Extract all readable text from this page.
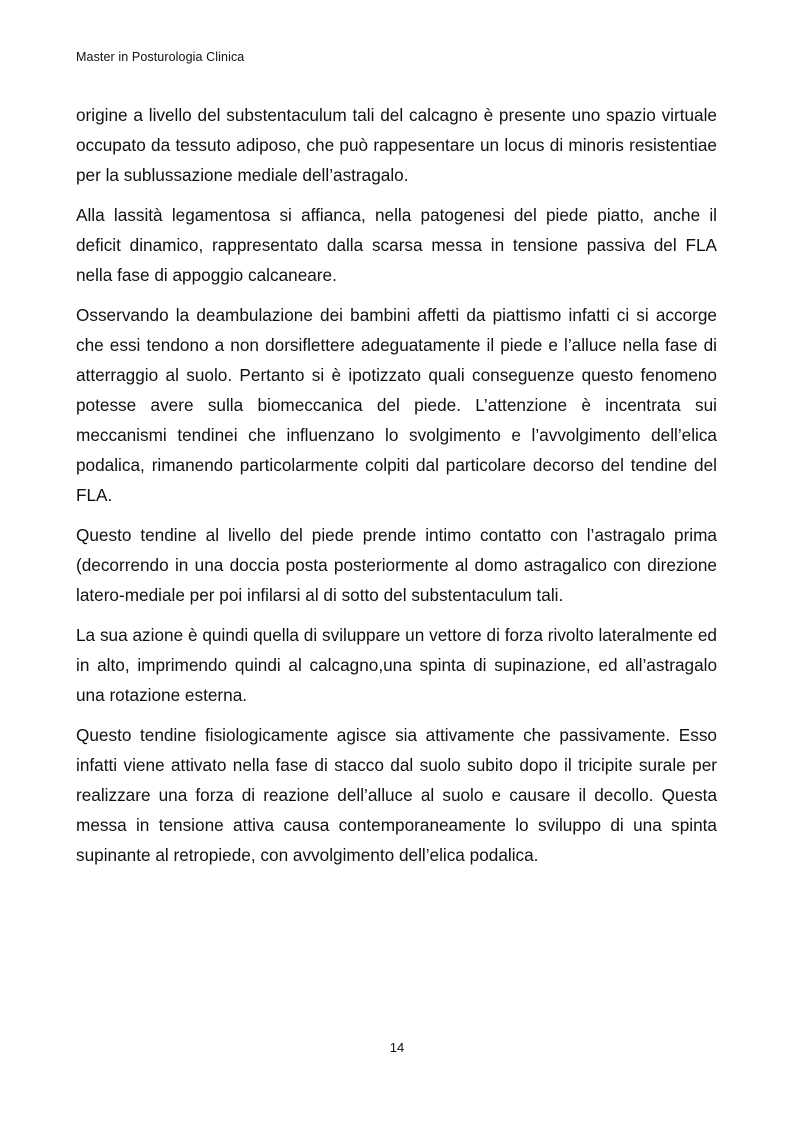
Master in Posturologia Clinica

origine a livello del substentaculum tali del calcagno è presente uno spazio virtuale occupato da tessuto adiposo, che può rappesentare un locus di minoris resistentiae per la sublussazione mediale dell’astragalo.

Alla lassità legamentosa si affianca, nella patogenesi del piede piatto, anche il deficit dinamico, rappresentato dalla scarsa messa in tensione passiva del FLA nella fase di appoggio calcaneare.

Osservando la deambulazione dei bambini affetti da piattismo infatti ci si accorge che essi tendono a non dorsiflettere adeguatamente il piede e l’alluce nella fase di atterraggio al suolo. Pertanto si è ipotizzato quali conseguenze questo fenomeno potesse avere sulla biomeccanica del piede. L’attenzione è incentrata sui meccanismi tendinei che influenzano lo svolgimento e l’avvolgimento dell’elica podalica, rimanendo particolarmente colpiti dal particolare decorso del tendine del FLA.

Questo tendine al livello del piede prende intimo contatto con l’astragalo prima (decorrendo in una doccia posta posteriormente al domo astragalico con direzione latero-mediale per poi infilarsi al di sotto del substentaculum tali.

La sua azione è quindi quella di sviluppare un vettore di forza rivolto lateralmente ed in alto, imprimendo quindi al calcagno,una spinta di supinazione, ed all’astragalo una rotazione esterna.

Questo tendine fisiologicamente agisce sia attivamente che passivamente. Esso infatti viene attivato nella fase di stacco dal suolo subito dopo il tricipite surale per realizzare una forza di reazione dell’alluce al suolo e causare il decollo. Questa messa in tensione attiva causa contemporaneamente lo sviluppo di una spinta supinante al retropiede, con avvolgimento dell’elica podalica.

14
